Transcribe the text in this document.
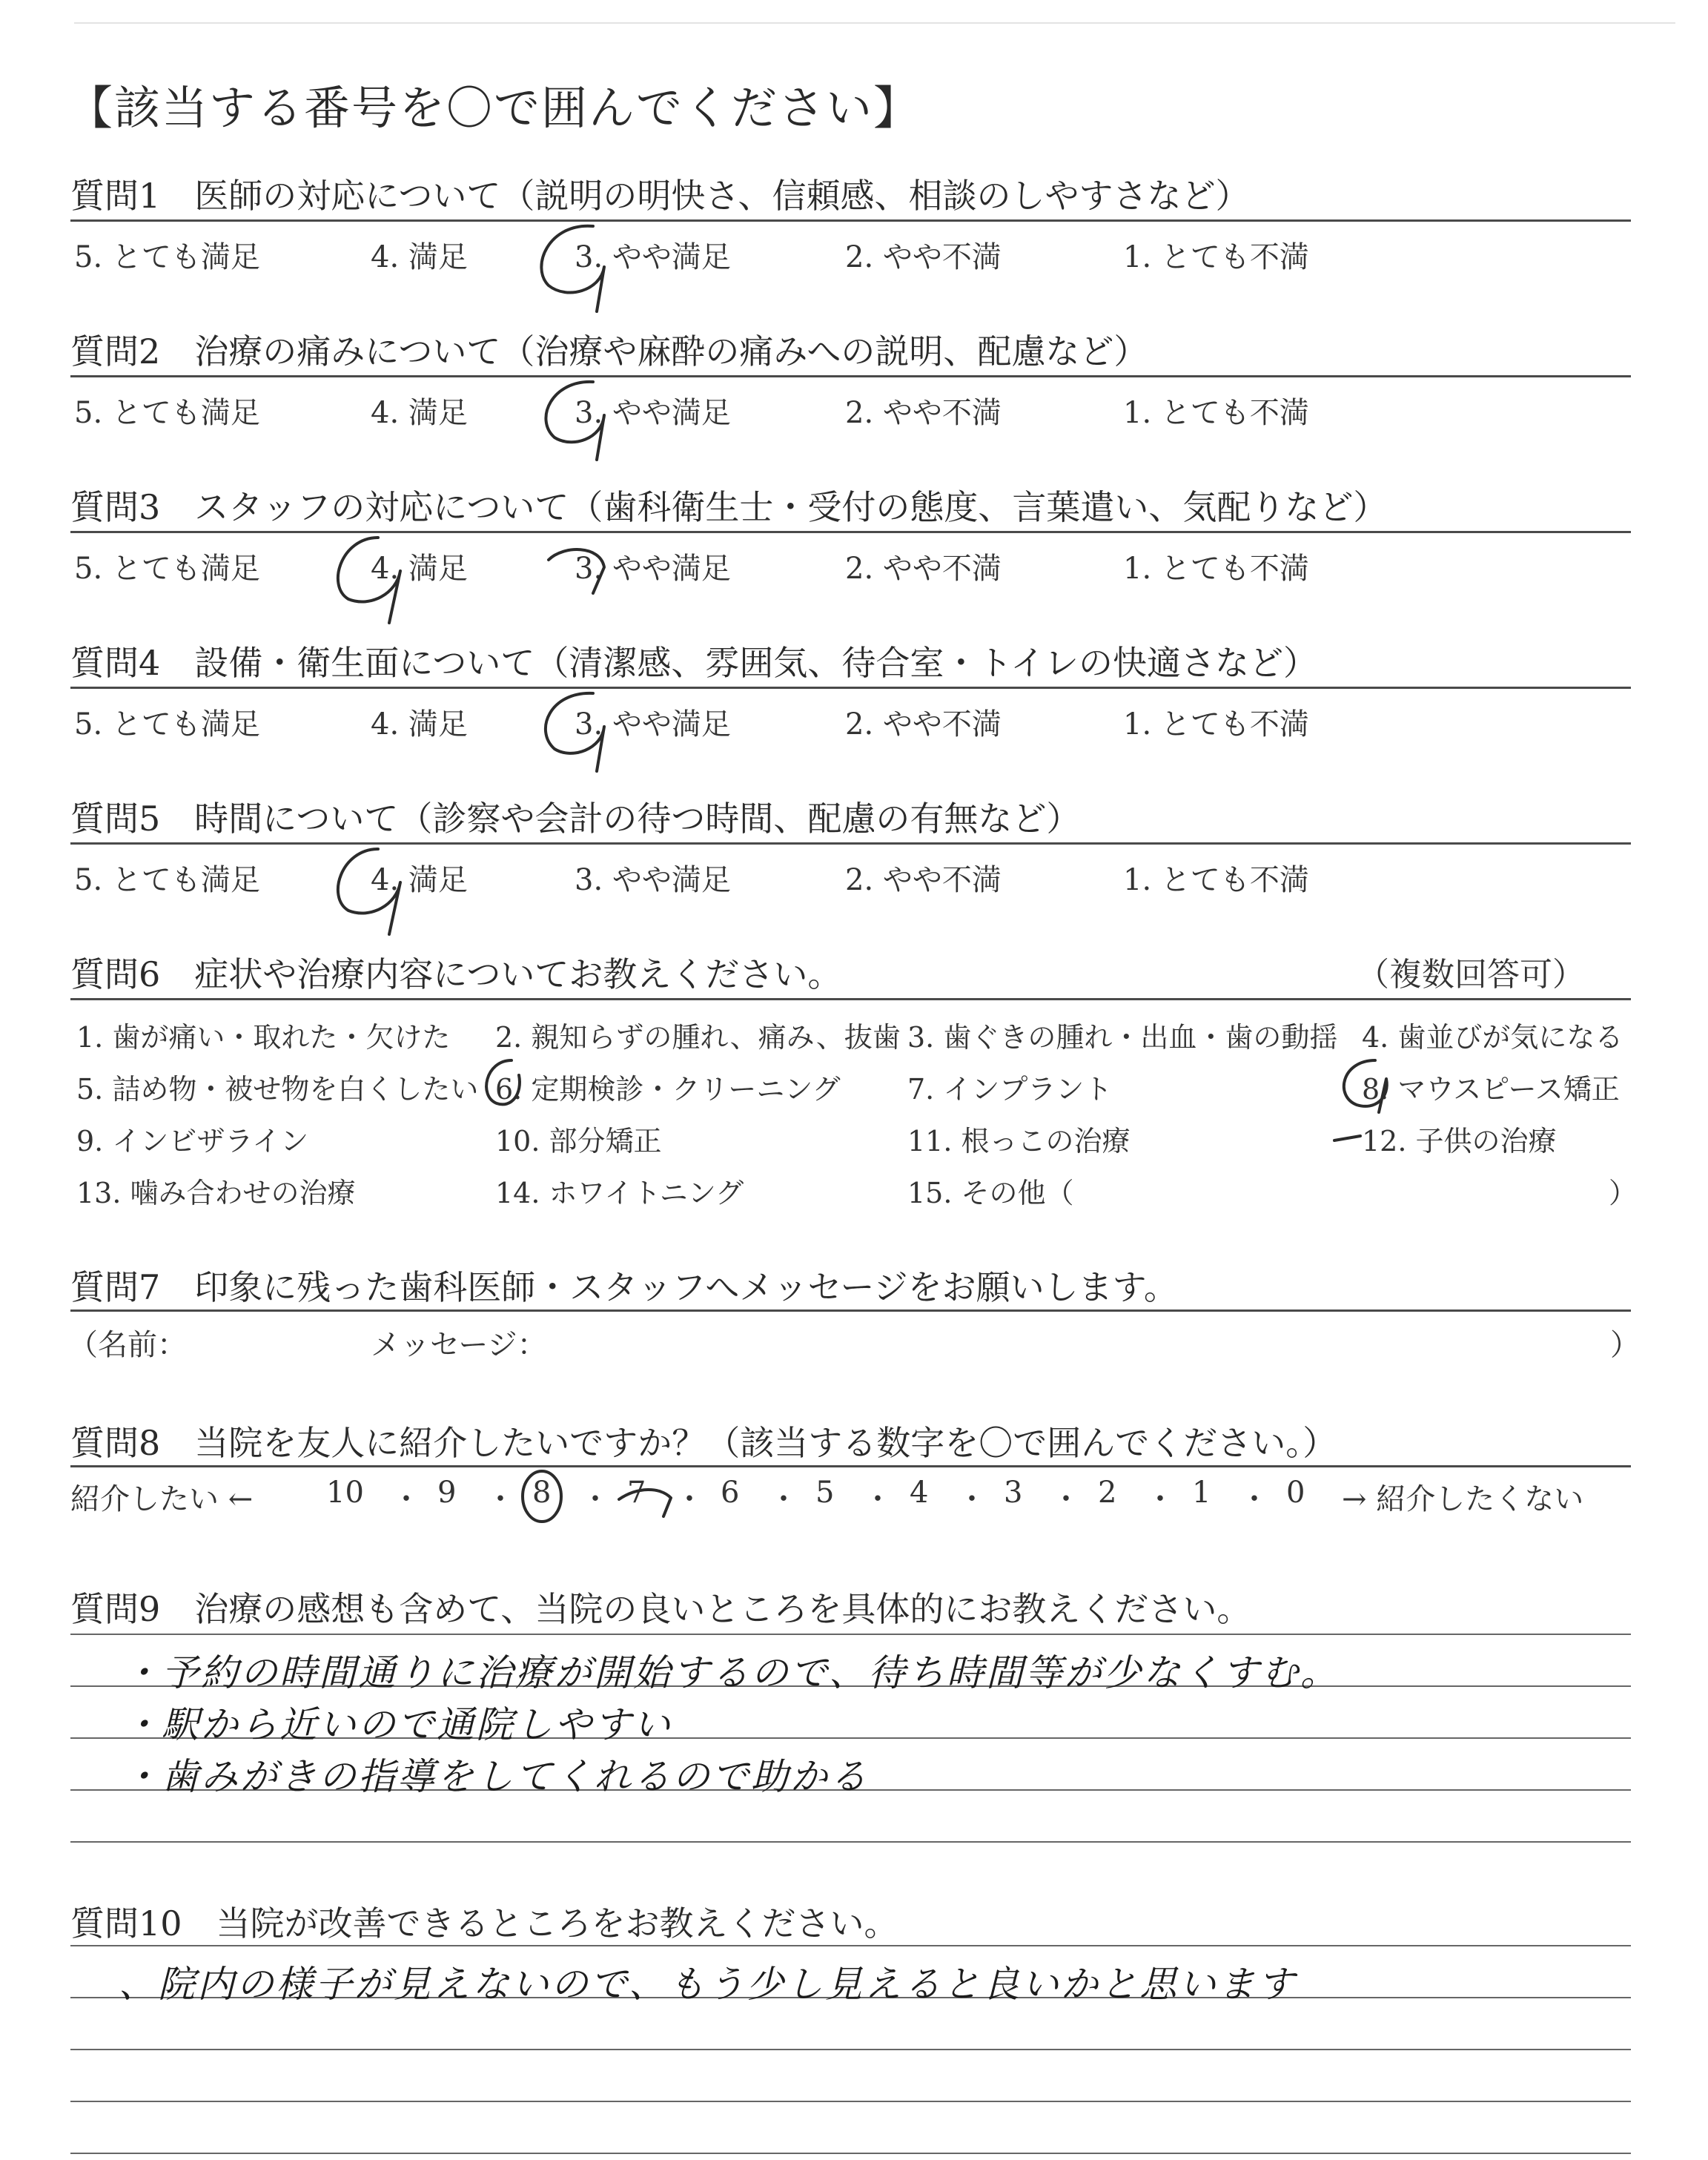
【該当する番号を〇で囲んでください】
質問1　医師の対応について（説明の明快さ、信頼感、相談のしやすさなど）
5. とても満足	4. 満足	3. やや満足	2. やや不満	1. とても不満
質問2　治療の痛みについて（治療や麻酔の痛みへの説明、配慮など）
5. とても満足	4. 満足	3. やや満足	2. やや不満	1. とても不満
質問3　スタッフの対応について（歯科衛生士・受付の態度、言葉遣い、気配りなど）
5. とても満足	4. 満足	3. やや満足	2. やや不満	1. とても不満
質問4　設備・衛生面について（清潔感、雰囲気、待合室・トイレの快適さなど）
5. とても満足	4. 満足	3. やや満足	2. やや不満	1. とても不満
質問5　時間について（診察や会計の待つ時間、配慮の有無など）
5. とても満足	4. 満足	3. やや満足	2. やや不満	1. とても不満
質問6　症状や治療内容についてお教えください。	（複数回答可）
1. 歯が痛い・取れた・欠けた 2. 親知らずの腫れ、痛み、抜歯 3. 歯ぐきの腫れ・出血・歯の動揺 4. 歯並びが気になる
5. 詰め物・被せ物を白くしたい 6. 定期検診・クリーニング 7. インプラント	8. マウスピース矯正
9. インビザライン	10. 部分矯正	11. 根っこの治療	12. 子供の治療
13. 噛み合わせの治療	14. ホワイトニング	15. その他（	）
質問7　印象に残った歯科医師・スタッフへメッセージをお願いします。
（名前：	メッセージ：	）
質問8　当院を友人に紹介したいですか？（該当する数字を〇で囲んでください。）
紹介したい ← 10 ・ 9 ・ 8 ・ 7 ・ 6 ・ 5 ・ 4 ・ 3 ・ 2 ・ 1 ・ 0 → 紹介したくない
質問9　治療の感想も含めて、当院の良いところを具体的にお教えください。
・予約の時間通りに治療が開始するので、待ち時間等が少なくすむ。
・駅から近いので通院しやすい
・歯みがきの指導をしてくれるので助かる
質問10　当院が改善できるところをお教えください。
、院内の様子が見えないので、もう少し見えると良いかと思います
